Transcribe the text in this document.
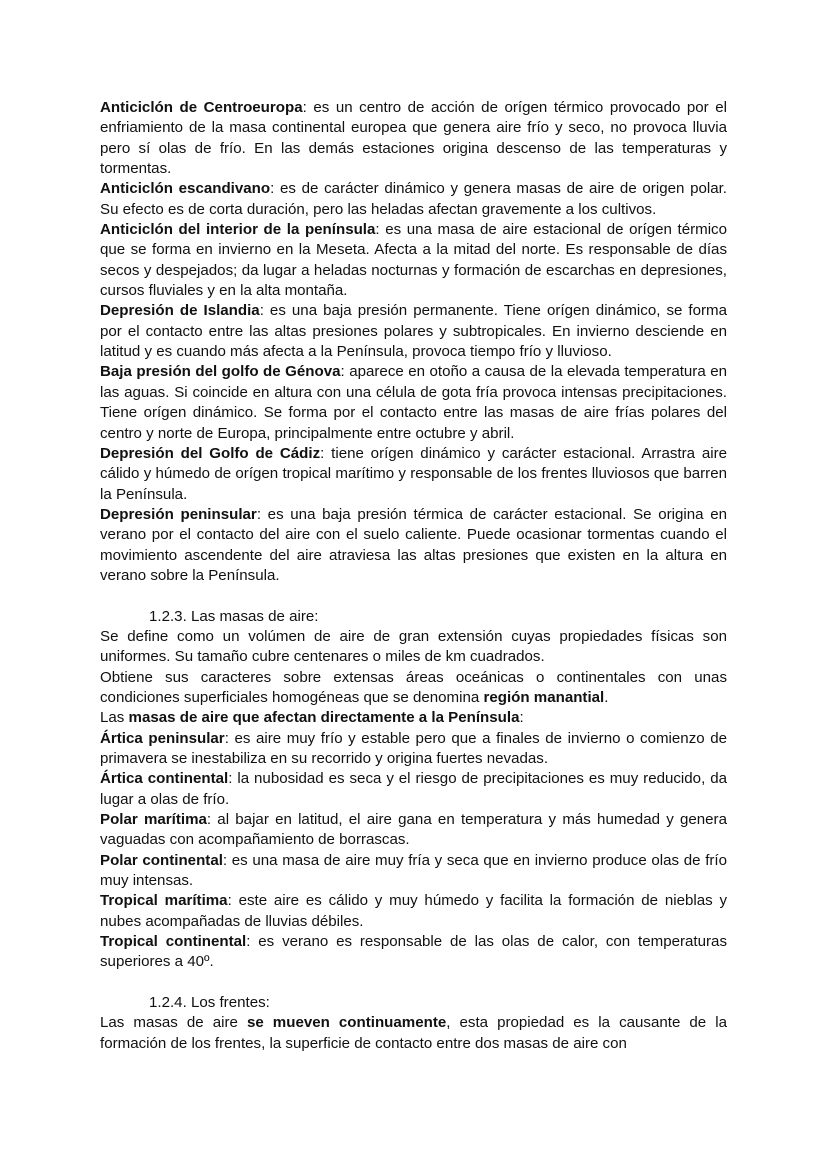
Anticiclón de Centroeuropa: es un centro de acción de orígen térmico provocado por el enfriamiento de la masa continental europea que genera aire frío y seco, no provoca lluvia pero sí olas de frío. En las demás estaciones origina descenso de las temperaturas y tormentas.

Anticiclón escandivano: es de carácter dinámico y genera masas de aire de origen polar. Su efecto es de corta duración, pero las heladas afectan gravemente a los cultivos.

Anticiclón del interior de la península: es una masa de aire estacional de orígen térmico que se forma en invierno en la Meseta. Afecta a la mitad del norte. Es responsable de días secos y despejados; da lugar a heladas nocturnas y formación de escarchas en depresiones, cursos fluviales y en la alta montaña.

Depresión de Islandia: es una baja presión permanente. Tiene orígen dinámico, se forma por el contacto entre las altas presiones polares y subtropicales. En invierno desciende en latitud y es cuando más afecta a la Península, provoca tiempo frío y lluvioso.

Baja presión del golfo de Génova: aparece en otoño a causa de la elevada temperatura en las aguas. Si coincide en altura con una célula de gota fría provoca intensas precipitaciones. Tiene orígen dinámico. Se forma por el contacto entre las masas de aire frías polares del centro y norte de Europa, principalmente entre octubre y abril.

Depresión del Golfo de Cádiz: tiene orígen dinámico y carácter estacional. Arrastra aire cálido y húmedo de orígen tropical marítimo y responsable de los frentes lluviosos que barren la Península.

Depresión peninsular: es una baja presión térmica de carácter estacional. Se origina en verano por el contacto del aire con el suelo caliente. Puede ocasionar tormentas cuando el movimiento ascendente del aire atraviesa las altas presiones que existen en la altura en verano sobre la Península.

1.2.3. Las masas de aire:

Se define como un volúmen de aire de gran extensión cuyas propiedades físicas son uniformes. Su tamaño cubre centenares o miles de km cuadrados.

Obtiene sus caracteres sobre extensas áreas oceánicas o continentales con unas condiciones superficiales homogéneas que se denomina región manantial.

Las masas de aire que afectan directamente a la Península:

Ártica peninsular: es aire muy frío y estable pero que a finales de invierno o comienzo de primavera se inestabiliza en su recorrido y origina fuertes nevadas.

Ártica continental: la nubosidad es seca y el riesgo de precipitaciones es muy reducido, da lugar a olas de frío.

Polar marítima: al bajar en latitud, el aire gana en temperatura y más humedad y genera vaguadas con acompañamiento de borrascas.

Polar continental: es una masa de aire muy fría y seca que en invierno produce olas de frío muy intensas.

Tropical marítima: este aire es cálido y muy húmedo y facilita la formación de nieblas y nubes acompañadas de lluvias débiles.

Tropical continental: es verano es responsable de las olas de calor, con temperaturas superiores a 40º.

1.2.4. Los frentes:

Las masas de aire se mueven continuamente, esta propiedad es la causante de la formación de los frentes, la superficie de contacto entre dos masas de aire con
